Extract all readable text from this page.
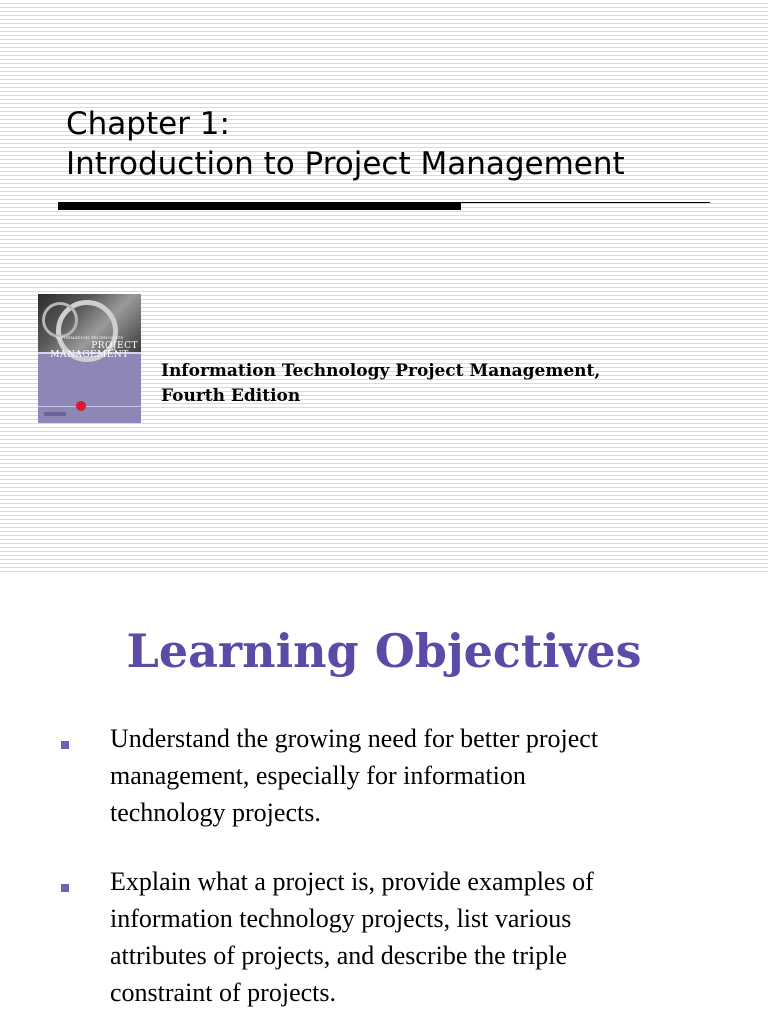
Chapter 1:
Introduction to Project Management
INFORMATION TECHNOLOGY
PROJECT
MANAGEMENT

Information Technology Project Management,
Fourth Edition

Learning Objectives
Understand the growing need for better project
management, especially for information
technology projects.
Explain what a project is, provide examples of
information technology projects, list various
attributes of projects, and describe the triple
constraint of projects.
